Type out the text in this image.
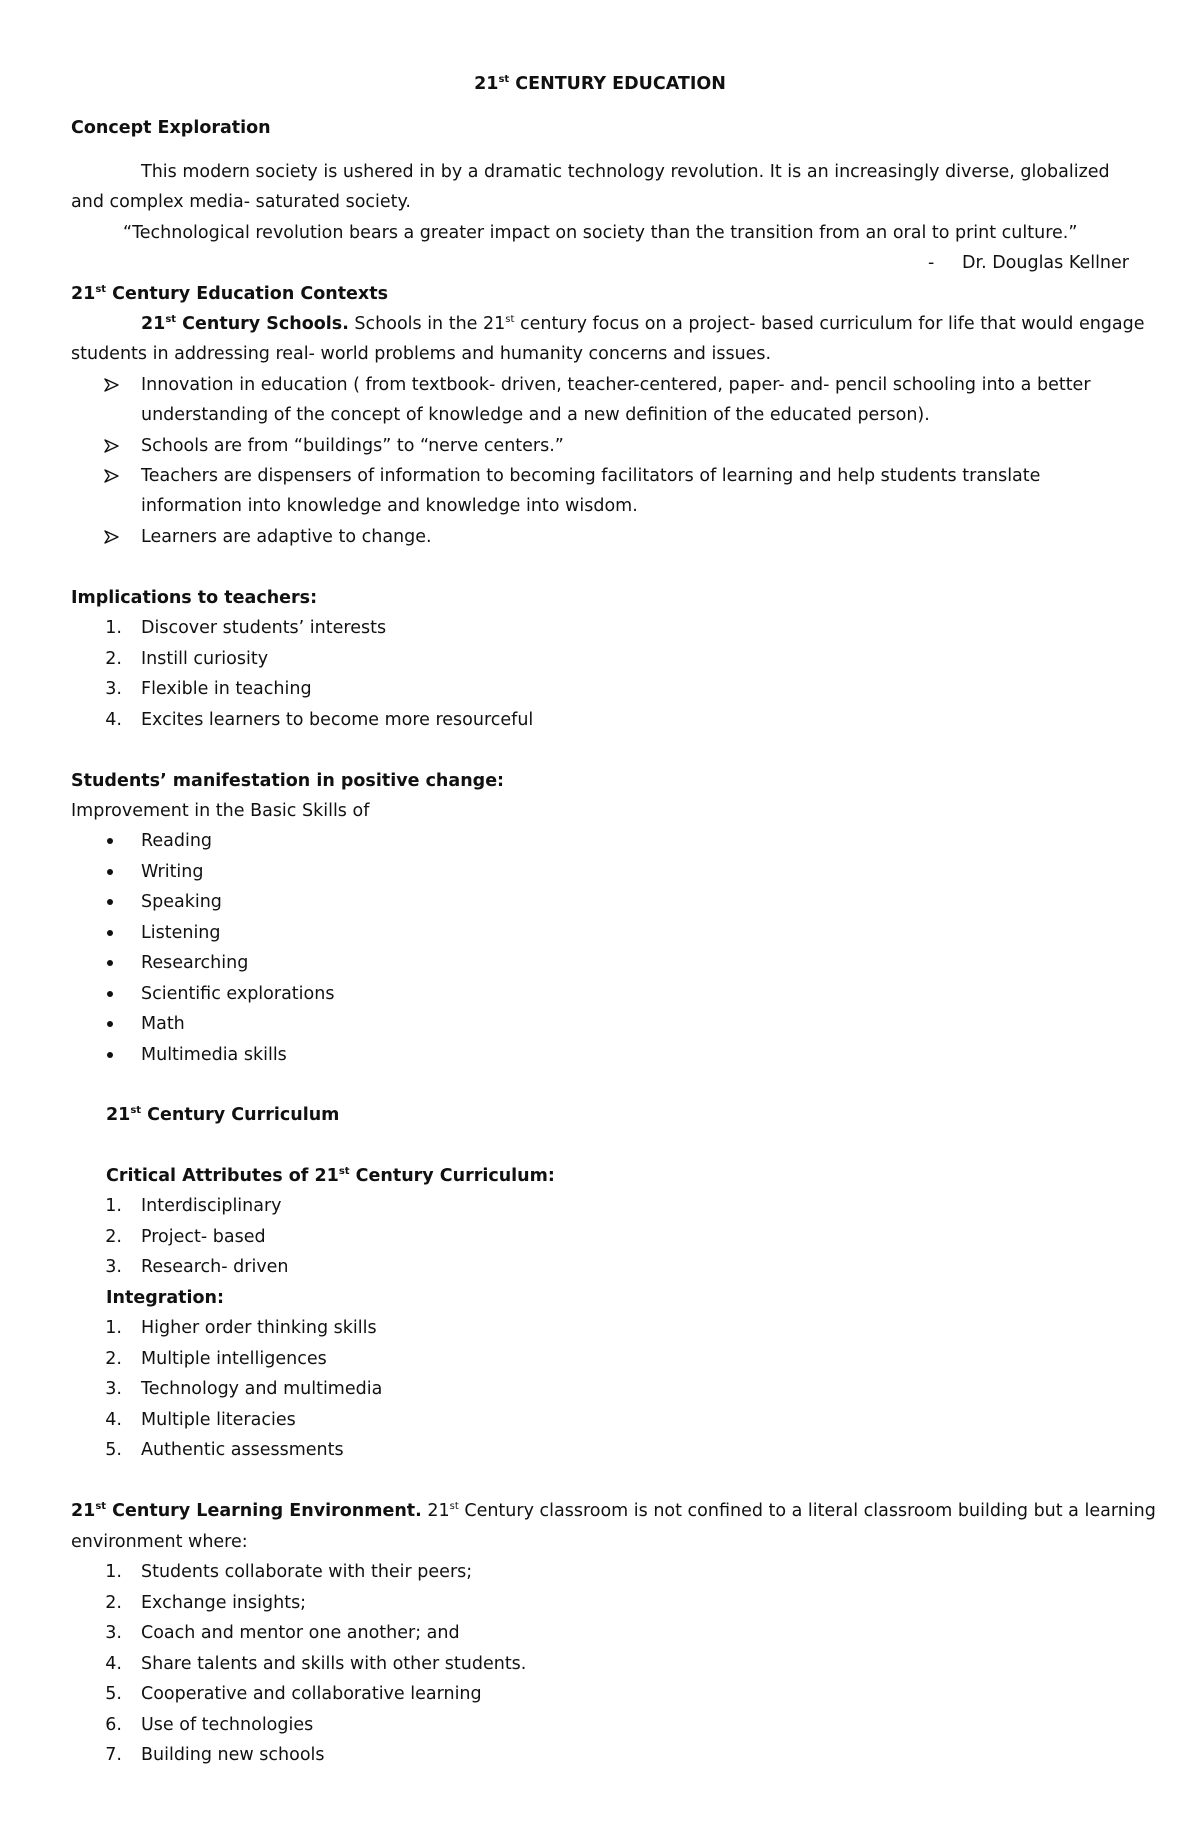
21st CENTURY EDUCATION
Concept Exploration
This modern society is ushered in by a dramatic technology revolution. It is an increasingly diverse, globalized
and complex media- saturated society.
“Technological revolution bears a greater impact on society than the transition from an oral to print culture.”
- Dr. Douglas Kellner
21st Century Education Contexts
21st Century Schools. Schools in the 21st century focus on a project- based curriculum for life that would engage
students in addressing real- world problems and humanity concerns and issues.
Innovation in education ( from textbook- driven, teacher-centered, paper- and- pencil schooling into a better
understanding of the concept of knowledge and a new definition of the educated person).
Schools are from “buildings” to “nerve centers.”
Teachers are dispensers of information to becoming facilitators of learning and help students translate
information into knowledge and knowledge into wisdom.
Learners are adaptive to change.
Implications to teachers:
1. Discover students’ interests
2. Instill curiosity
3. Flexible in teaching
4. Excites learners to become more resourceful
Students’ manifestation in positive change:
Improvement in the Basic Skills of
Reading
Writing
Speaking
Listening
Researching
Scientific explorations
Math
Multimedia skills
21st Century Curriculum
Critical Attributes of 21st Century Curriculum:
1. Interdisciplinary
2. Project- based
3. Research- driven
Integration:
1. Higher order thinking skills
2. Multiple intelligences
3. Technology and multimedia
4. Multiple literacies
5. Authentic assessments
21st Century Learning Environment. 21st Century classroom is not confined to a literal classroom building but a learning
environment where:
1. Students collaborate with their peers;
2. Exchange insights;
3. Coach and mentor one another; and
4. Share talents and skills with other students.
5. Cooperative and collaborative learning
6. Use of technologies
7. Building new schools
